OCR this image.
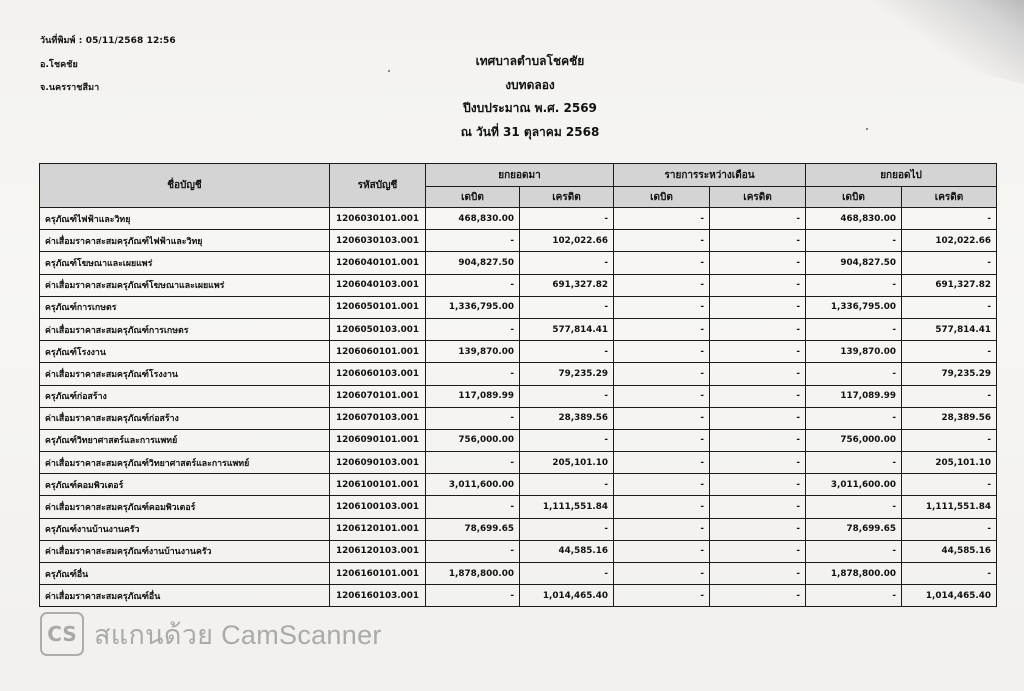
วันที่พิมพ์ : 05/11/2568 12:56
อ.โชคชัย
จ.นครราชสีมา
เทศบาลตำบลโชคชัย
งบทดลอง
ปีงบประมาณ พ.ศ. 2569
ณ วันที่ 31 ตุลาคม 2568
ชื่อบัญชี	รหัสบัญชี	ยกยอดมา		รายการระหว่างเดือน		ยกยอดไป	
		เดบิต	เครดิต	เดบิต	เครดิต	เดบิต	เครดิต
ครุภัณฑ์ไฟฟ้าและวิทยุ	1206030101.001	468,830.00	-	-	-	468,830.00	-
ค่าเสื่อมราคาสะสมครุภัณฑ์ไฟฟ้าและวิทยุ	1206030103.001	-	102,022.66	-	-	-	102,022.66
ครุภัณฑ์โฆษณาและเผยแพร่	1206040101.001	904,827.50	-	-	-	904,827.50	-
ค่าเสื่อมราคาสะสมครุภัณฑ์โฆษณาและเผยแพร่	1206040103.001	-	691,327.82	-	-	-	691,327.82
ครุภัณฑ์การเกษตร	1206050101.001	1,336,795.00	-	-	-	1,336,795.00	-
ค่าเสื่อมราคาสะสมครุภัณฑ์การเกษตร	1206050103.001	-	577,814.41	-	-	-	577,814.41
ครุภัณฑ์โรงงาน	1206060101.001	139,870.00	-	-	-	139,870.00	-
ค่าเสื่อมราคาสะสมครุภัณฑ์โรงงาน	1206060103.001	-	79,235.29	-	-	-	79,235.29
ครุภัณฑ์ก่อสร้าง	1206070101.001	117,089.99	-	-	-	117,089.99	-
ค่าเสื่อมราคาสะสมครุภัณฑ์ก่อสร้าง	1206070103.001	-	28,389.56	-	-	-	28,389.56
ครุภัณฑ์วิทยาศาสตร์และการแพทย์	1206090101.001	756,000.00	-	-	-	756,000.00	-
ค่าเสื่อมราคาสะสมครุภัณฑ์วิทยาศาสตร์และการแพทย์	1206090103.001	-	205,101.10	-	-	-	205,101.10
ครุภัณฑ์คอมพิวเตอร์	1206100101.001	3,011,600.00	-	-	-	3,011,600.00	-
ค่าเสื่อมราคาสะสมครุภัณฑ์คอมพิวเตอร์	1206100103.001	-	1,111,551.84	-	-	-	1,111,551.84
ครุภัณฑ์งานบ้านงานครัว	1206120101.001	78,699.65	-	-	-	78,699.65	-
ค่าเสื่อมราคาสะสมครุภัณฑ์งานบ้านงานครัว	1206120103.001	-	44,585.16	-	-	-	44,585.16
ครุภัณฑ์อื่น	1206160101.001	1,878,800.00	-	-	-	1,878,800.00	-
ค่าเสื่อมราคาสะสมครุภัณฑ์อื่น	1206160103.001	-	1,014,465.40	-	-	-	1,014,465.40
CS สแกนด้วย CamScanner
